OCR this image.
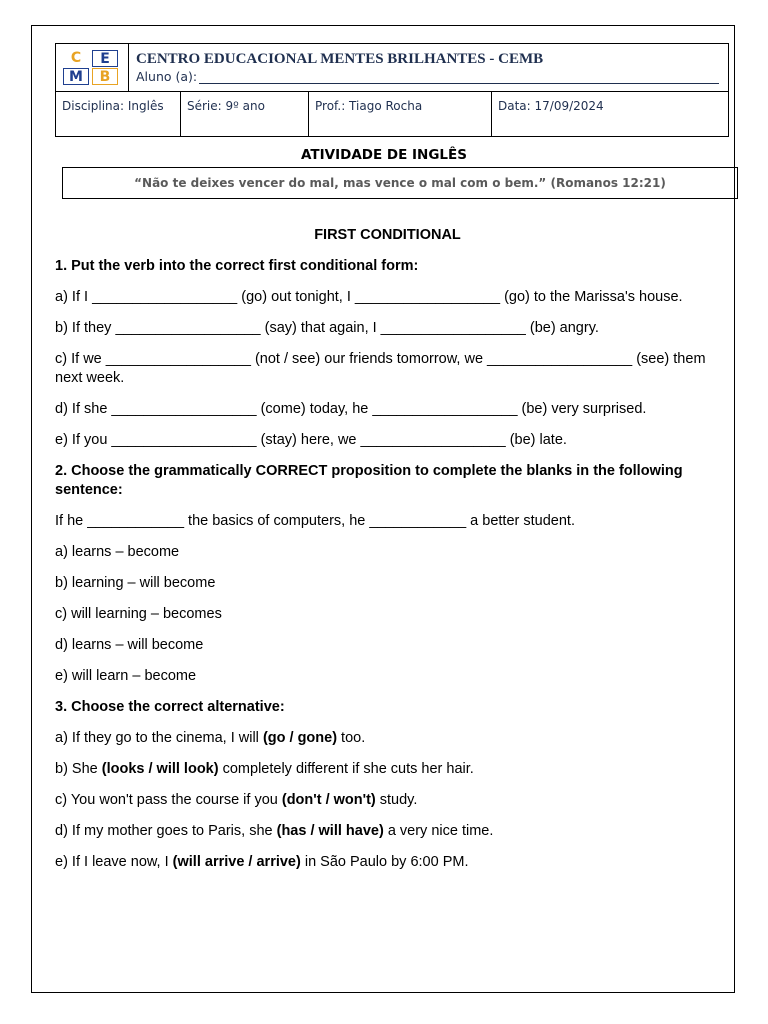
C	E
M	B
CENTRO EDUCACIONAL MENTES BRILHANTES - CEMB
Aluno (a):
Disciplina: Inglês	Série: 9º ano	Prof.: Tiago Rocha	Data: 17/09/2024
ATIVIDADE DE INGLÊS
“Não te deixes vencer do mal, mas vence o mal com o bem.” (Romanos 12:21)
FIRST CONDITIONAL
1. Put the verb into the correct first conditional form:
a) If I __________________ (go) out tonight, I __________________ (go) to the Marissa's house.
b) If they __________________ (say) that again, I __________________ (be) angry.
c) If we __________________ (not / see) our friends tomorrow, we __________________ (see) them next week.
d) If she __________________ (come) today, he __________________ (be) very surprised.
e) If you __________________ (stay) here, we __________________ (be) late.
2. Choose the grammatically CORRECT proposition to complete the blanks in the following sentence:
If he ____________ the basics of computers, he ____________ a better student.
a) learns – become
b) learning – will become
c) will learning – becomes
d) learns – will become
e) will learn – become
3. Choose the correct alternative:
a) If they go to the cinema, I will (go / gone) too.
b) She (looks / will look) completely different if she cuts her hair.
c) You won't pass the course if you (don't / won't) study.
d) If my mother goes to Paris, she (has / will have) a very nice time.
e) If I leave now, I (will arrive / arrive) in São Paulo by 6:00 PM.
